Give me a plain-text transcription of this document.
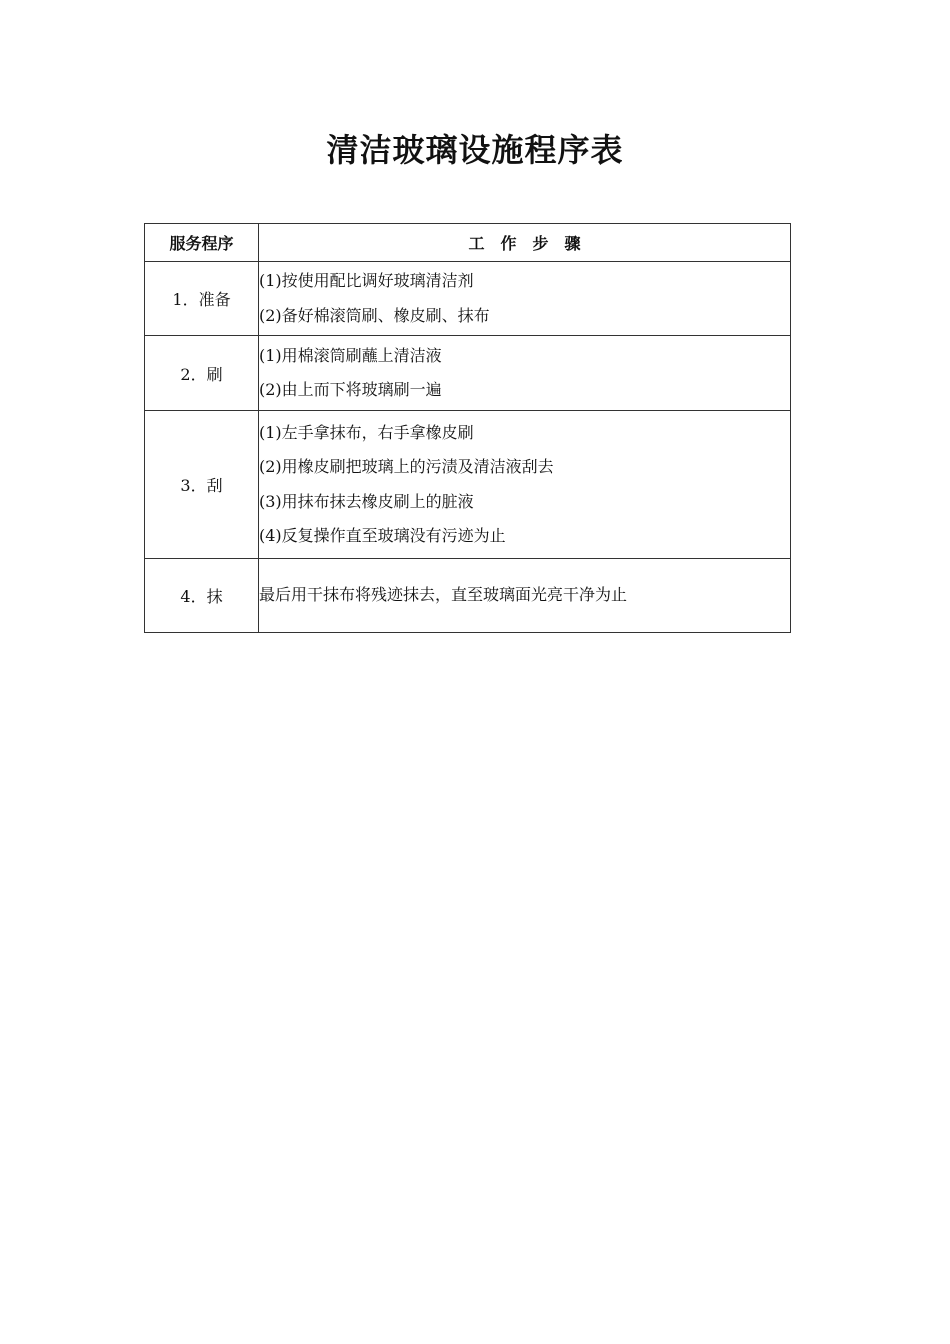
清洁玻璃设施程序表
服务程序	工　作　步　骤
1．准备	(1)按使用配比调好玻璃清洁剂
(2)备好棉滚筒刷、橡皮刷、抹布

2．刷	(1)用棉滚筒刷蘸上清洁液
(2)由上而下将玻璃刷一遍

3．刮	(1)左手拿抹布，右手拿橡皮刷
(2)用橡皮刷把玻璃上的污渍及清洁液刮去
(3)用抹布抹去橡皮刷上的脏液
(4)反复操作直至玻璃没有污迹为止

4．抹	最后用干抹布将残迹抹去，直至玻璃面光亮干净为止
